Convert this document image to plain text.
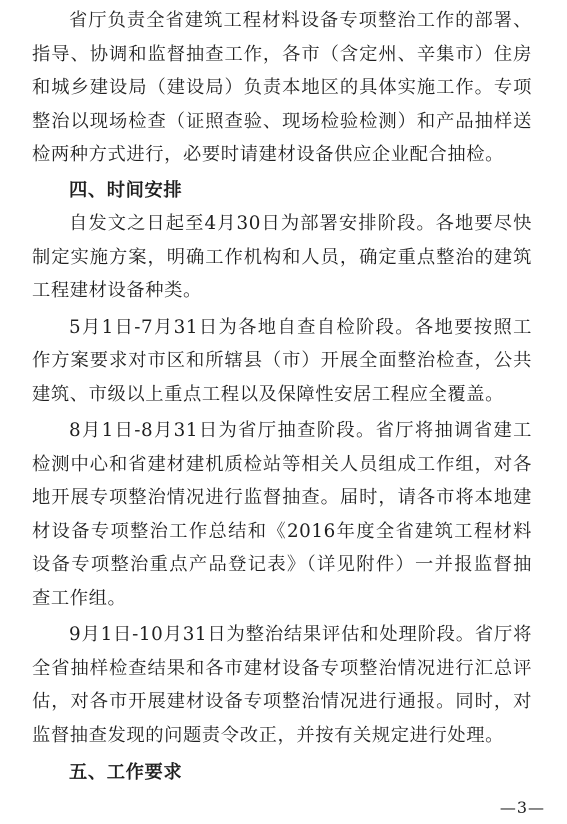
省厅负责全省建筑工程材料设备专项整治工作的部署、指导、协调和监督抽查工作，各市（含定州、辛集市）住房和城乡建设局（建设局）负责本地区的具体实施工作。专项整治以现场检查（证照查验、现场检验检测）和产品抽样送检两种方式进行，必要时请建材设备供应企业配合抽检。

四、时间安排

自发文之日起至4月30日为部署安排阶段。各地要尽快制定实施方案，明确工作机构和人员，确定重点整治的建筑工程建材设备种类。

5月1日-7月31日为各地自查自检阶段。各地要按照工作方案要求对市区和所辖县（市）开展全面整治检查，公共建筑、市级以上重点工程以及保障性安居工程应全覆盖。

8月1日-8月31日为省厅抽查阶段。省厅将抽调省建工检测中心和省建材建机质检站等相关人员组成工作组，对各地开展专项整治情况进行监督抽查。届时，请各市将本地建材设备专项整治工作总结和《2016年度全省建筑工程材料设备专项整治重点产品登记表》（详见附件）一并报监督抽查工作组。

9月1日-10月31日为整治结果评估和处理阶段。省厅将全省抽样检查结果和各市建材设备专项整治情况进行汇总评估，对各市开展建材设备专项整治情况进行通报。同时，对监督抽查发现的问题责令改正，并按有关规定进行处理。

五、工作要求

—3—
